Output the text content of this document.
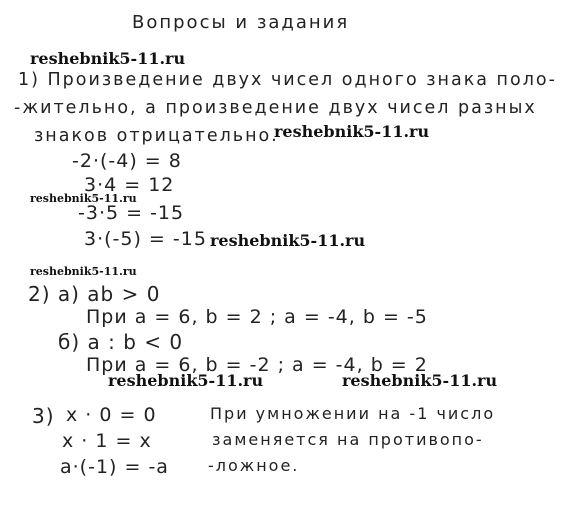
Вопросы и задания
reshebnik5-11.ru
1) Произведение двух чисел одного знака поло-
-жительно, а произведение двух чисел разных
знаков отрицательно.
reshebnik5-11.ru
-2·(-4) = 8
3·4 = 12
reshebnik5-11.ru
-3·5 = -15
3·(-5) = -15 reshebnik5-11.ru
reshebnik5-11.ru
2) а) ab > 0
При a = 6, b = 2 ; a = -4, b = -5
б) a : b < 0
При a = 6, b = -2 ; a = -4, b = 2
reshebnik5-11.ru	reshebnik5-11.ru
3) x · 0 = 0
x · 1 = x
a·(-1) = -a
При умножении на -1 число
заменяется на противопо-
-ложное.
